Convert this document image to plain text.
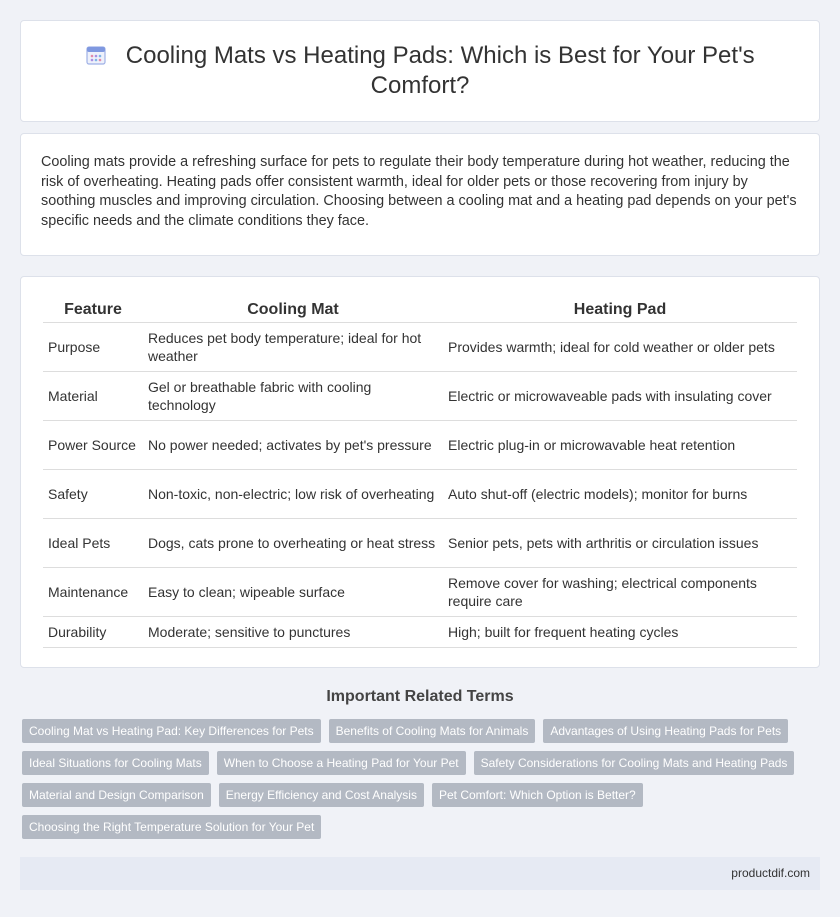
Cooling Mats vs Heating Pads: Which is Best for Your Pet's Comfort?

Cooling mats provide a refreshing surface for pets to regulate their body temperature during hot weather, reducing the risk of overheating. Heating pads offer consistent warmth, ideal for older pets or those recovering from injury by soothing muscles and improving circulation. Choosing between a cooling mat and a heating pad depends on your pet's specific needs and the climate conditions they face.

Feature	Cooling Mat	Heating Pad
Purpose	Reduces pet body temperature; ideal for hot weather	Provides warmth; ideal for cold weather or older pets
Material	Gel or breathable fabric with cooling technology	Electric or microwaveable pads with insulating cover
Power Source	No power needed; activates by pet's pressure	Electric plug-in or microwavable heat retention
Safety	Non-toxic, non-electric; low risk of overheating	Auto shut-off (electric models); monitor for burns
Ideal Pets	Dogs, cats prone to overheating or heat stress	Senior pets, pets with arthritis or circulation issues
Maintenance	Easy to clean; wipeable surface	Remove cover for washing; electrical components require care
Durability	Moderate; sensitive to punctures	High; built for frequent heating cycles
Important Related Terms
Cooling Mat vs Heating Pad: Key Differences for Pets	Benefits of Cooling Mats for Animals	Advantages of Using Heating Pads for Pets
Ideal Situations for Cooling Mats	When to Choose a Heating Pad for Your Pet	Safety Considerations for Cooling Mats and Heating Pads
Material and Design Comparison	Energy Efficiency and Cost Analysis	Pet Comfort: Which Option is Better?
Choosing the Right Temperature Solution for Your Pet
productdif.com
